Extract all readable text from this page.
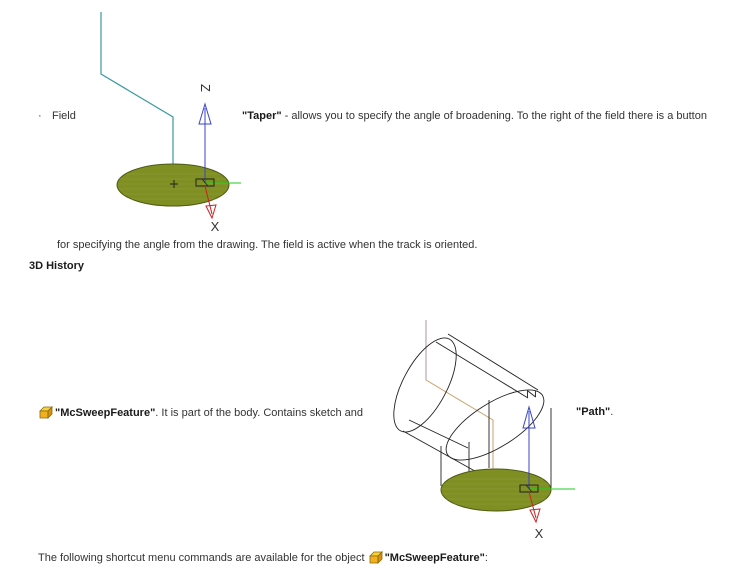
· Field
Z
X
"Taper" - allows you to specify the angle of broadening. To the right of the field there is a button
for specifying the angle from the drawing. The field is active when the track is oriented.
3D History
"McSweepFeature". It is part of the body. Contains sketch and	"Path".
Z
X
The following shortcut menu commands are available for the object "McSweepFeature":
